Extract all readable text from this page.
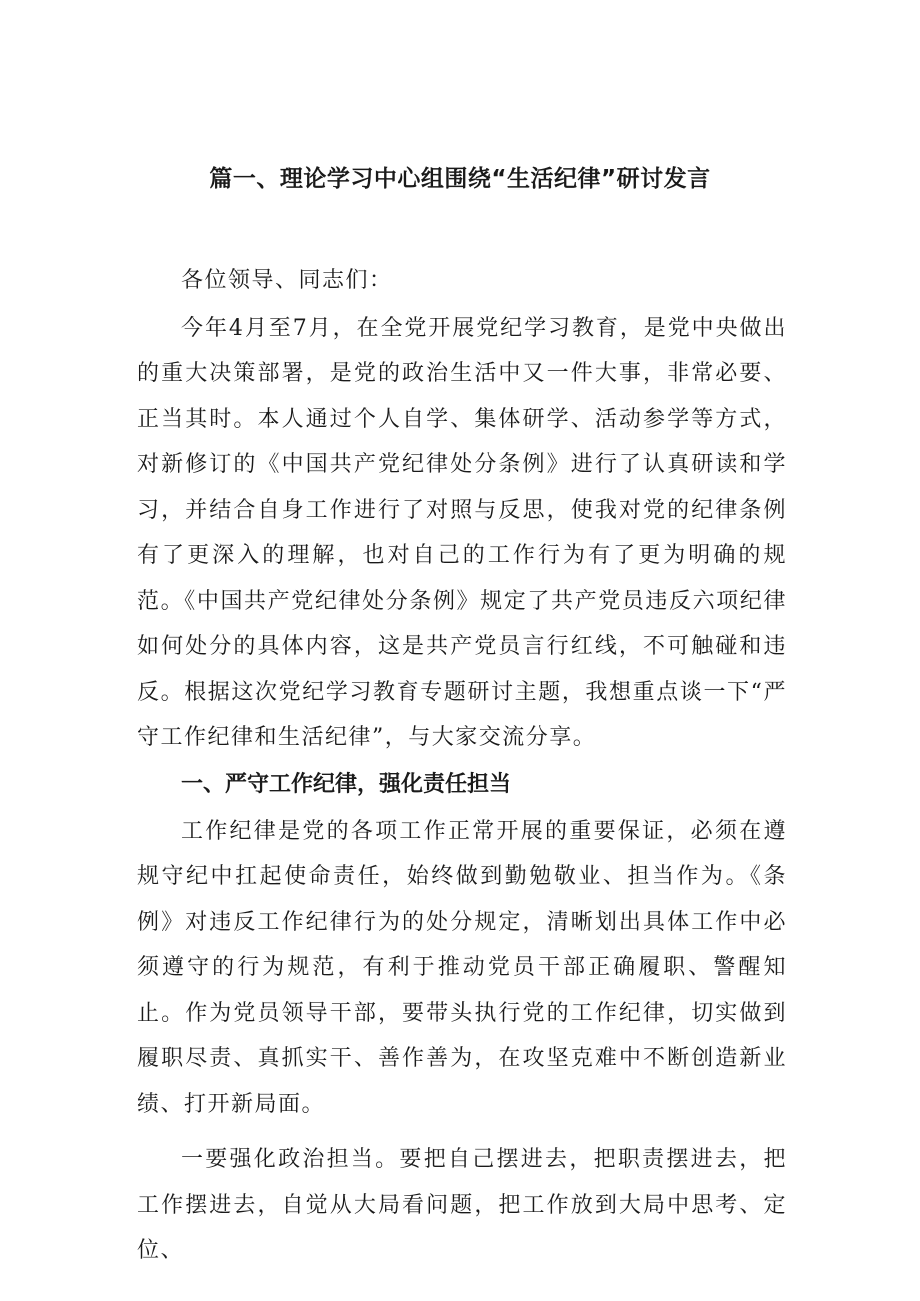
篇一、理论学习中心组围绕“生活纪律”研讨发言

各位领导、同志们：

今年4月至7月，在全党开展党纪学习教育，是党中央做出的重大决策部署，是党的政治生活中又一件大事，非常必要、正当其时。本人通过个人自学、集体研学、活动参学等方式，对新修订的《中国共产党纪律处分条例》进行了认真研读和学习，并结合自身工作进行了对照与反思，使我对党的纪律条例有了更深入的理解，也对自己的工作行为有了更为明确的规范。《中国共产党纪律处分条例》规定了共产党员违反六项纪律如何处分的具体内容，这是共产党员言行红线，不可触碰和违反。根据这次党纪学习教育专题研讨主题，我想重点谈一下“严守工作纪律和生活纪律”，与大家交流分享。

一、严守工作纪律，强化责任担当

工作纪律是党的各项工作正常开展的重要保证，必须在遵规守纪中扛起使命责任，始终做到勤勉敬业、担当作为。《条例》对违反工作纪律行为的处分规定，清晰划出具体工作中必须遵守的行为规范，有利于推动党员干部正确履职、警醒知止。作为党员领导干部，要带头执行党的工作纪律，切实做到履职尽责、真抓实干、善作善为，在攻坚克难中不断创造新业绩、打开新局面。

一要强化政治担当。要把自己摆进去，把职责摆进去，把工作摆进去，自觉从大局看问题，把工作放到大局中思考、定位、
